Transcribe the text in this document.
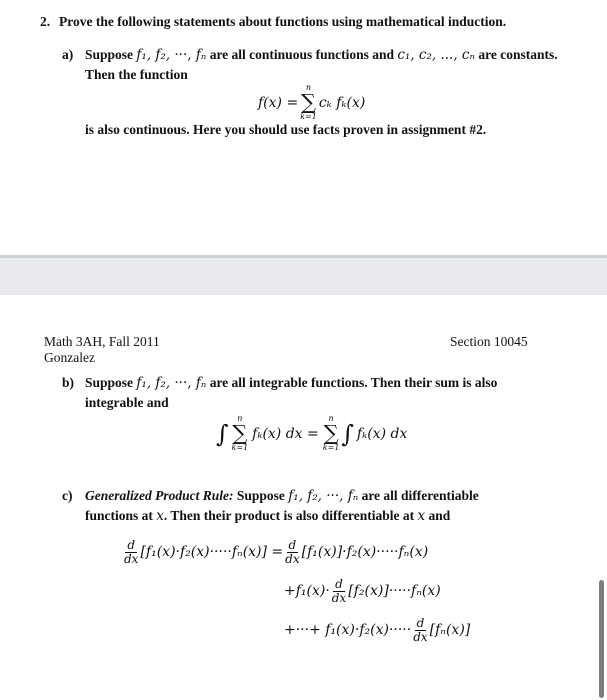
2. Prove the following statements about functions using mathematical induction.
a) Suppose f₁, f₂, ···, fₙ are all continuous functions and c₁, c₂, ..., cₙ are constants.
Then the function
f(x) =
n
∑
k=1
cₖ fₖ(x)
is also continuous. Here you should use facts proven in assignment #2.
Math 3AH, Fall 2011
Gonzalez
Section 10045
b) Suppose f₁, f₂, ···, fₙ are all integrable functions. Then their sum is also
integrable and
∫
n
∑
k=1
fₖ(x) dx =
n
∑
k=1 ∫ fₖ(x) dx
c) Generalized Product Rule: Suppose f₁, f₂, ···, fₙ are all differentiable
functions at x. Then their product is also differentiable at x and
$\frac{d}{dx} [f_1(x)\cdot f_2(x)\cdot\cdot\cdot\cdot\cdot f_n(x)] = \frac{d}{dx} [f_1(x)]\cdot f_2(x)\cdot\cdot\cdot\cdot\cdot f_n(x)$
$+f_1(x)\cdot \frac{d}{dx} [f_2(x)]\cdot\cdot\cdot\cdot\cdot f_n(x)$
+···+ $f_1(x)\cdot f_2(x)\cdot\cdot\cdot\cdot\cdot \frac{d}{dx} [f_n(x)]$
